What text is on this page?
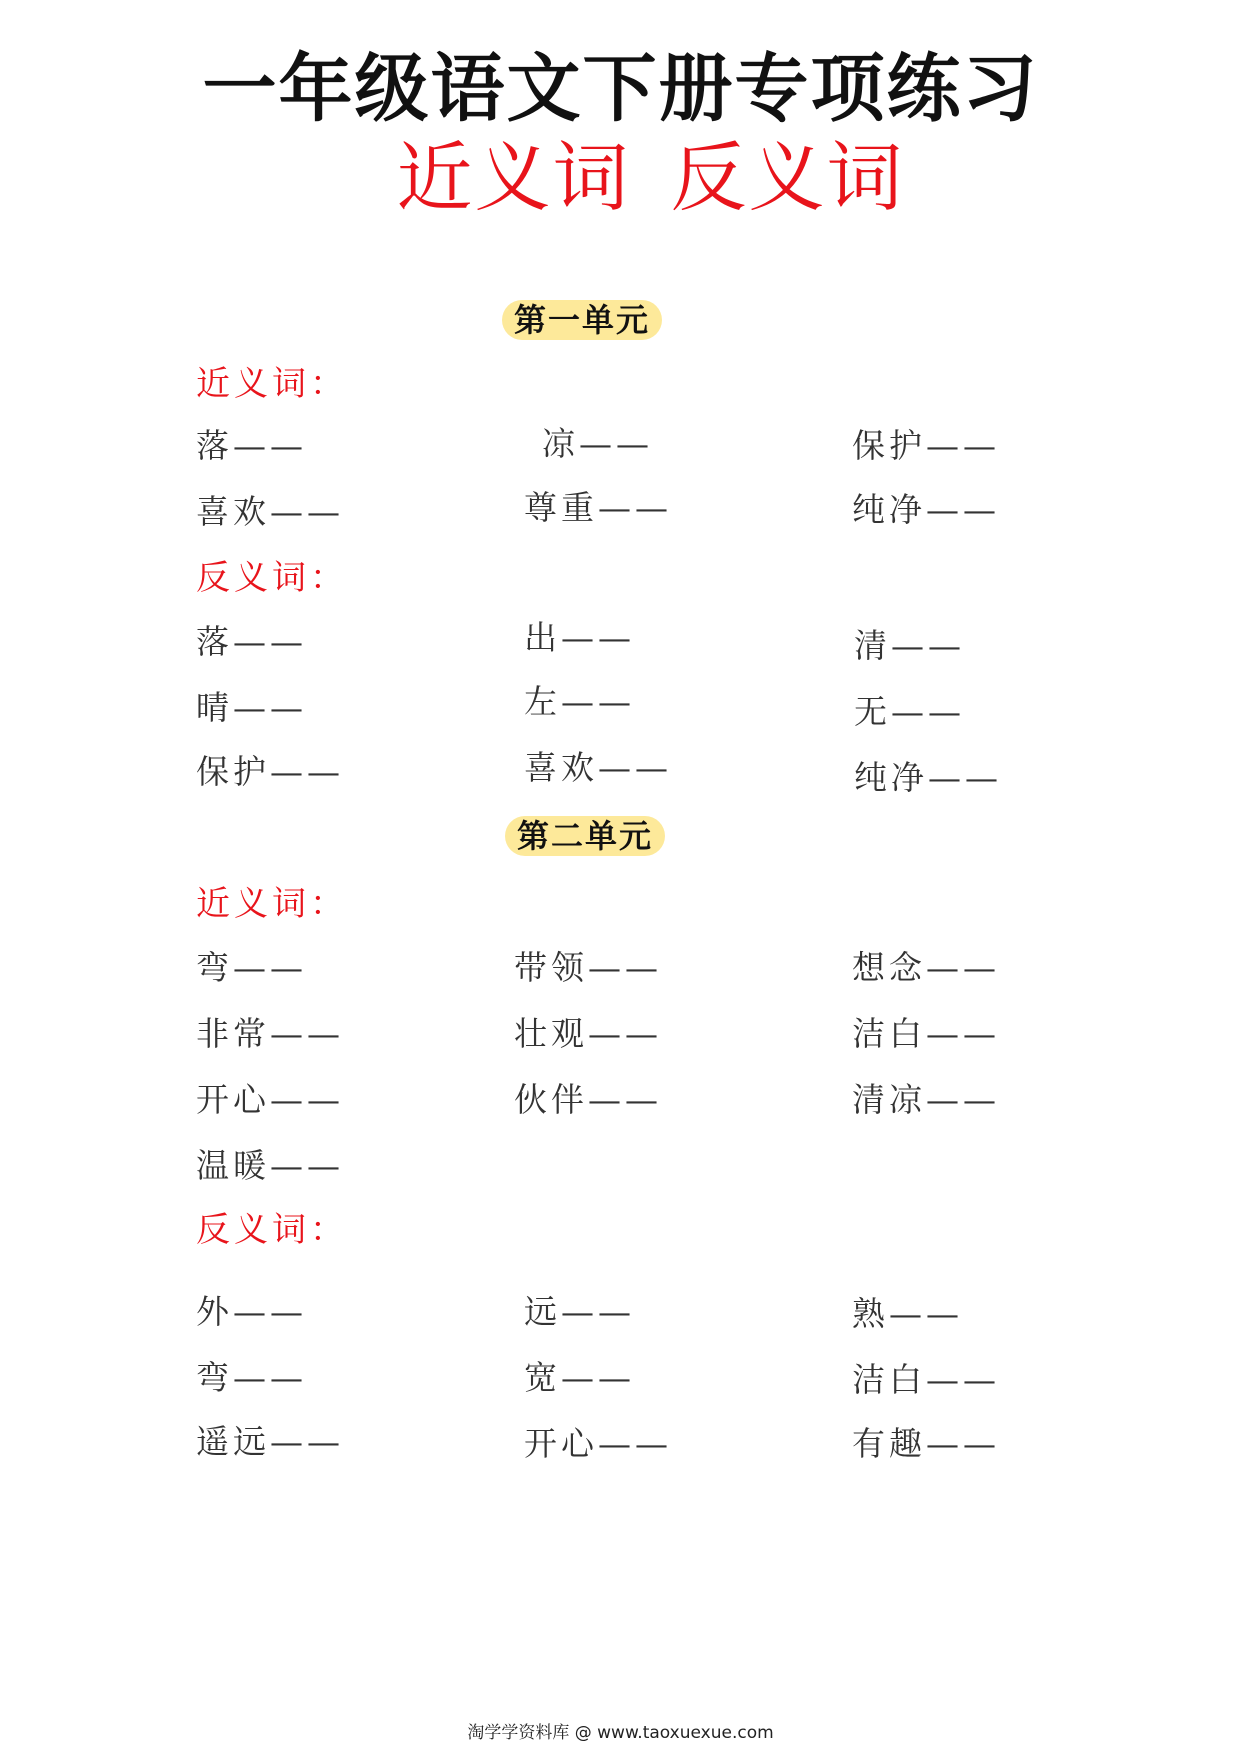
一年级语文下册专项练习
近义词 反义词
第一单元
近义词：
落——	凉——	保护——
喜欢——	尊重——	纯净——
反义词：
落——	出——	清——
晴——	左——	无——
保护——	喜欢——	纯净——
第二单元
近义词：
弯——	带领——	想念——
非常——	壮观——	洁白——
开心——	伙伴——	清凉——
温暖——
反义词：
外——	远——	熟——
弯——	宽——	洁白——
遥远——	开心——	有趣——
淘学学资料库 @ www.taoxuexue.com
